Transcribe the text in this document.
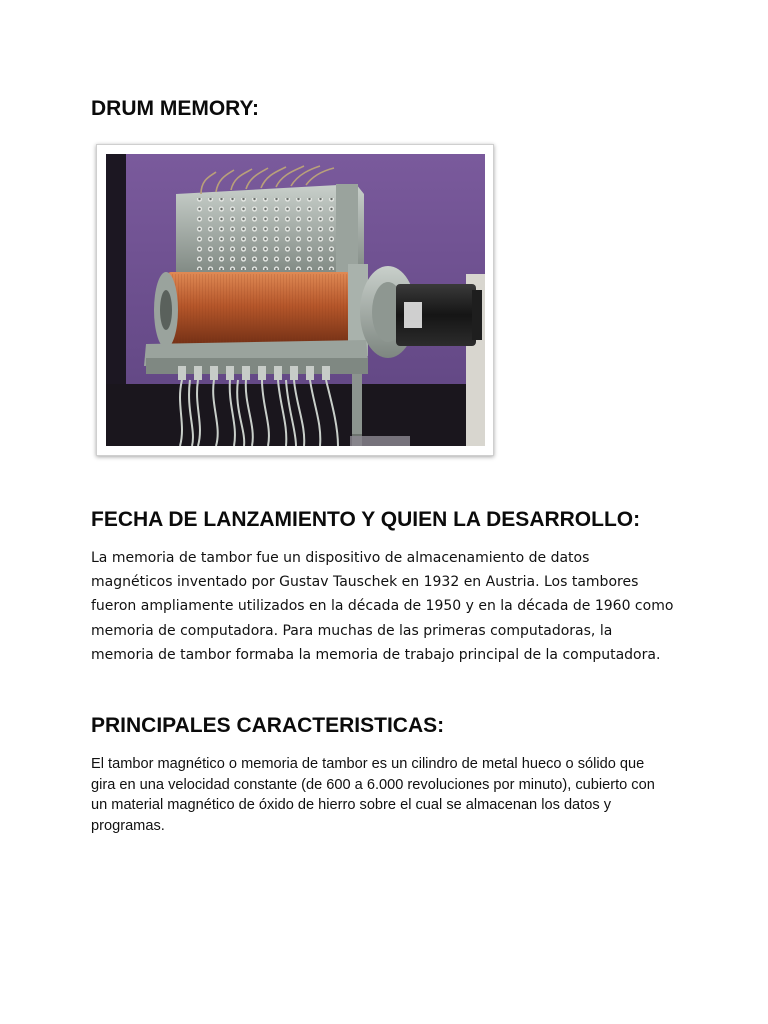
DRUM MEMORY:
FECHA DE LANZAMIENTO Y QUIEN LA DESARROLLO:
La memoria de tambor fue un dispositivo de almacenamiento de datos
magnéticos inventado por Gustav Tauschek en 1932 en Austria. Los tambores
fueron ampliamente utilizados en la década de 1950 y en la década de 1960 como
memoria de computadora. Para muchas de las primeras computadoras, la
memoria de tambor formaba la memoria de trabajo principal de la computadora.
PRINCIPALES CARACTERISTICAS:
El tambor magnético o memoria de tambor es un cilindro de metal hueco o sólido que
gira en una velocidad constante (de 600 a 6.000 revoluciones por minuto), cubierto con
un material magnético de óxido de hierro sobre el cual se almacenan los datos y
programas.
